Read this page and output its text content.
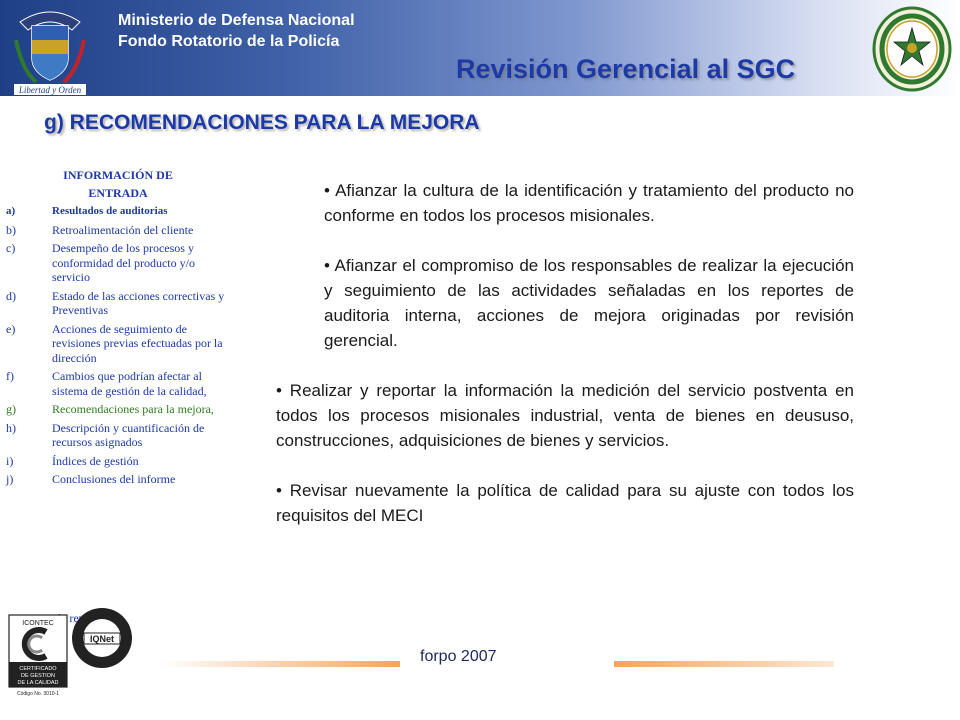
Libertad y Orden
Ministerio de Defensa Nacional
Fondo Rotatorio de la Policía
Revisión Gerencial al SGC
g) RECOMENDACIONES PARA LA MEJORA
INFORMACIÓN DE
ENTRADA
a)	Resultados de auditorias
b)	Retroalimentación del cliente
c)	Desempeño de los procesos y conformidad del producto y/o servicio
d)	Estado de las acciones correctivas y Preventivas
e)	Acciones de seguimiento de revisiones previas efectuadas por la dirección
f)	Cambios que podrían afectar al sistema de gestión de la calidad,
g)	Recomendaciones para la mejora,
h)	Descripción y cuantificación de recursos asignados
i)	Índices de gestión
j)	Conclusiones del informe
• Afianzar la cultura de la identificación y tratamiento del producto no conforme en todos los procesos misionales.
• Afianzar el compromiso de los responsables de realizar la ejecución y seguimiento de las actividades señaladas en los reportes de auditoria interna, acciones de mejora originadas por revisión gerencial.
• Realizar y reportar la información la medición del servicio postventa en todos los procesos misionales industrial, venta de bienes en deususo, construcciones, adquisiciones de bienes y servicios.
• Revisar nuevamente la política de calidad para su ajuste con todos los requisitos del MECI
ICONTEC
CERTIFICADO
DE GESTION
DE LA CALIDAD
Código No. 3010-1
IQNet
forpo 2007
